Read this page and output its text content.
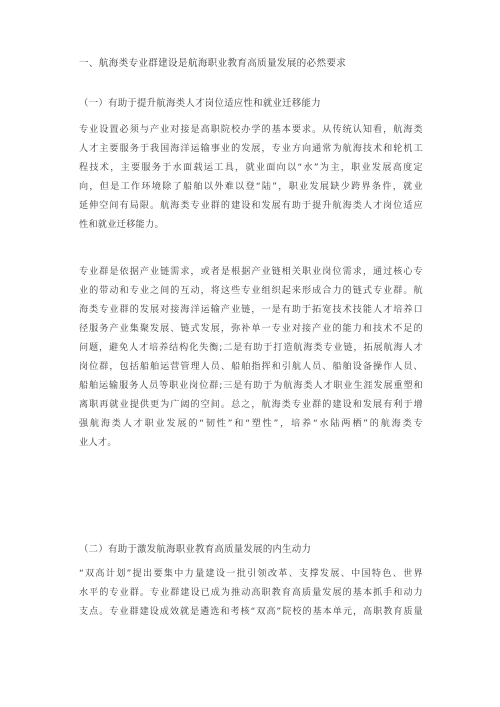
一、航海类专业群建设是航海职业教育高质量发展的必然要求
（一）有助于提升航海类人才岗位适应性和就业迁移能力
专业设置必须与产业对接是高职院校办学的基本要求。从传统认知看，航海类
人才主要服务于我国海洋运输事业的发展，专业方向通常为航海技术和轮机工
程技术，主要服务于水面载运工具，就业面向以“水”为主，职业发展高度定
向，但是工作环境除了船舶以外难以登“陆”，职业发展缺少跨界条件，就业
延伸空间有局限。航海类专业群的建设和发展有助于提升航海类人才岗位适应
性和就业迁移能力。
专业群是依据产业链需求，或者是根据产业链相关职业岗位需求，通过核心专
业的带动和专业之间的互动，将这些专业组织起来形成合力的链式专业群。航
海类专业群的发展对接海洋运输产业链，一是有助于拓宽技术技能人才培养口
径服务产业集聚发展、链式发展，弥补单一专业对接产业的能力和技术不足的
问题，避免人才培养结构化失衡;二是有助于打造航海类专业链，拓展航海人才
岗位群，包括船舶运营管理人员、船舶指挥和引航人员、船舶设备操作人员、
船舶运输服务人员等职业岗位群;三是有助于为航海类人才职业生涯发展重塑和
离职再就业提供更为广阔的空间。总之，航海类专业群的建设和发展有利于增
强航海类人才职业发展的“韧性”和“塑性”，培养“水陆两栖”的航海类专
业人才。
（二）有助于激发航海职业教育高质量发展的内生动力
“双高计划”提出要集中力量建设一批引领改革、支撑发展、中国特色、世界
水平的专业群。专业群建设已成为推动高职教育高质量发展的基本抓手和动力
支点。专业群建设成效就是遴选和考核“双高”院校的基本单元，高职教育质量
